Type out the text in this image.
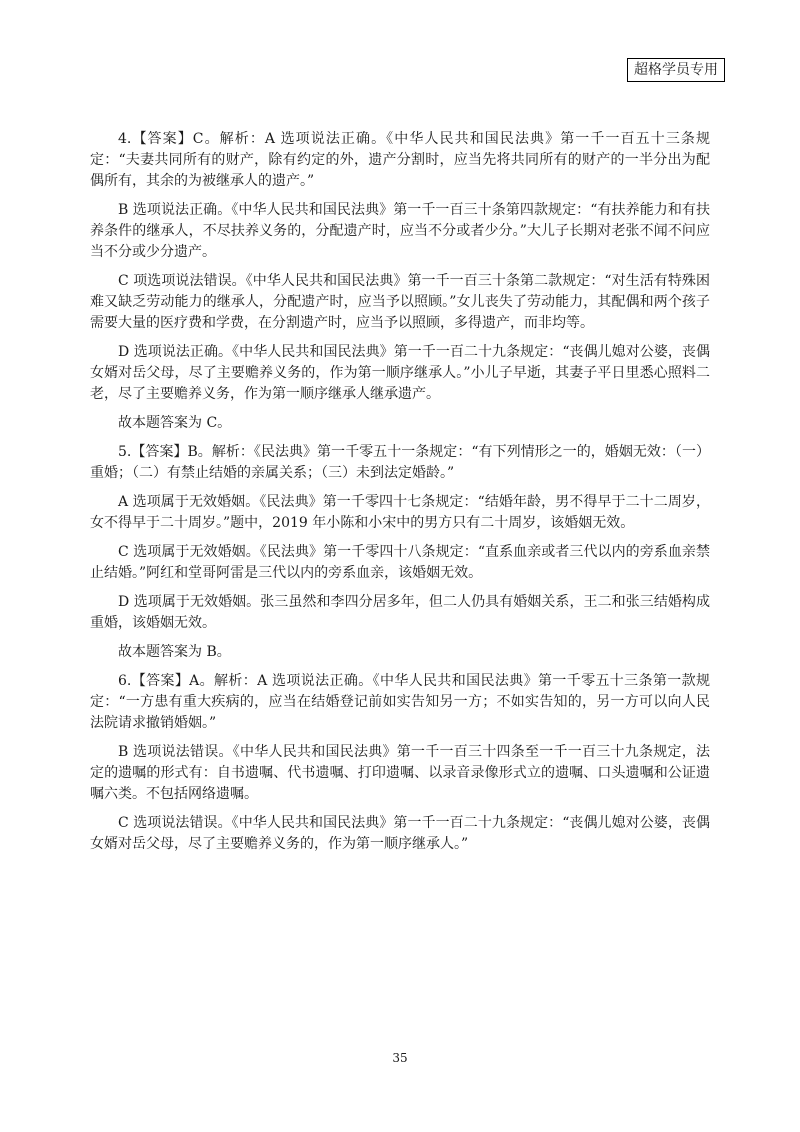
超格学员专用

4.【答案】C。解析：A 选项说法正确。《中华人民共和国民法典》第一千一百五十三条规定：“夫妻共同所有的财产，除有约定的外，遗产分割时，应当先将共同所有的财产的一半分出为配偶所有，其余的为被继承人的遗产。”

B 选项说法正确。《中华人民共和国民法典》第一千一百三十条第四款规定：“有扶养能力和有扶养条件的继承人，不尽扶养义务的，分配遗产时，应当不分或者少分。”大儿子长期对老张不闻不问应当不分或少分遗产。

C 项选项说法错误。《中华人民共和国民法典》第一千一百三十条第二款规定：“对生活有特殊困难又缺乏劳动能力的继承人，分配遗产时，应当予以照顾。”女儿丧失了劳动能力，其配偶和两个孩子需要大量的医疗费和学费，在分割遗产时，应当予以照顾，多得遗产，而非均等。

D 选项说法正确。《中华人民共和国民法典》第一千一百二十九条规定：“丧偶儿媳对公婆，丧偶女婿对岳父母，尽了主要赡养义务的，作为第一顺序继承人。”小儿子早逝，其妻子平日里悉心照料二老，尽了主要赡养义务，作为第一顺序继承人继承遗产。

故本题答案为 C。

5.【答案】B。解析：《民法典》第一千零五十一条规定：“有下列情形之一的，婚姻无效：（一）重婚；（二）有禁止结婚的亲属关系；（三）未到法定婚龄。”

A 选项属于无效婚姻。《民法典》第一千零四十七条规定：“结婚年龄，男不得早于二十二周岁，女不得早于二十周岁。”题中，2019 年小陈和小宋中的男方只有二十周岁，该婚姻无效。

C 选项属于无效婚姻。《民法典》第一千零四十八条规定：“直系血亲或者三代以内的旁系血亲禁止结婚。”阿红和堂哥阿雷是三代以内的旁系血亲，该婚姻无效。

D 选项属于无效婚姻。张三虽然和李四分居多年，但二人仍具有婚姻关系，王二和张三结婚构成重婚，该婚姻无效。

故本题答案为 B。

6.【答案】A。解析：A 选项说法正确。《中华人民共和国民法典》第一千零五十三条第一款规定：“一方患有重大疾病的，应当在结婚登记前如实告知另一方；不如实告知的，另一方可以向人民法院请求撤销婚姻。”

B 选项说法错误。《中华人民共和国民法典》第一千一百三十四条至一千一百三十九条规定，法定的遗嘱的形式有：自书遗嘱、代书遗嘱、打印遗嘱、以录音录像形式立的遗嘱、口头遗嘱和公证遗嘱六类。不包括网络遗嘱。

C 选项说法错误。《中华人民共和国民法典》第一千一百二十九条规定：“丧偶儿媳对公婆，丧偶女婿对岳父母，尽了主要赡养义务的，作为第一顺序继承人。”

35
